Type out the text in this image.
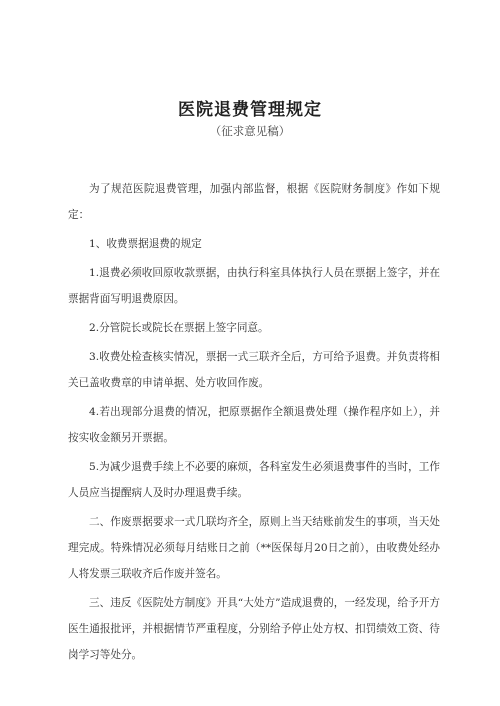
医院退费管理规定
（征求意见稿）

为了规范医院退费管理，加强内部监督，根据《医院财务制度》作如下规定：

1、收费票据退费的规定

1.退费必须收回原收款票据，由执行科室具体执行人员在票据上签字，并在票据背面写明退费原因。

2.分管院长或院长在票据上签字同意。

3.收费处检查核实情况，票据一式三联齐全后，方可给予退费。并负责将相关已盖收费章的申请单据、处方收回作废。

4.若出现部分退费的情况，把原票据作全额退费处理（操作程序如上），并按实收金额另开票据。

5.为减少退费手续上不必要的麻烦，各科室发生必须退费事件的当时，工作人员应当提醒病人及时办理退费手续。

二、作废票据要求一式几联均齐全，原则上当天结账前发生的事项，当天处理完成。特殊情况必须每月结账日之前（**医保每月20日之前），由收费处经办人将发票三联收齐后作废并签名。

三、违反《医院处方制度》开具“大处方”造成退费的，一经发现，给予开方医生通报批评，并根据情节严重程度，分别给予停止处方权、扣罚绩效工资、待岗学习等处分。
